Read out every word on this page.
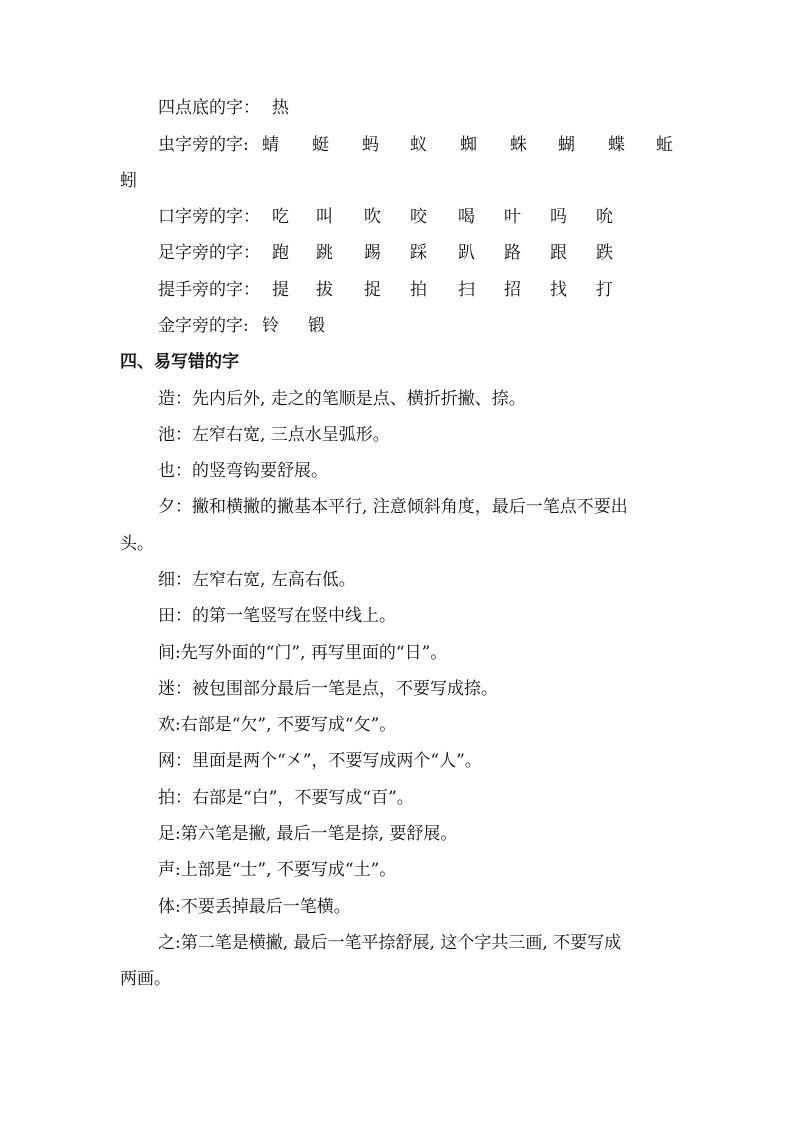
四点底的字： 热
虫字旁的字: 蜻 蜓 蚂 蚁 蜘 蛛 蝴 蝶 蚯
蚓
口字旁的字： 吃 叫 吹 咬 喝 叶 吗 吮
足字旁的字： 跑 跳 踢 踩 趴 路 跟 跌
提手旁的字： 提 拔 捉 拍 扫 招 找 打
金字旁的字: 铃 锻
四、易写错的字
造：先内后外, 走之的笔顺是点、横折折撇、捺。
池：左窄右宽, 三点水呈弧形。
也：的竖弯钩要舒展。
夕：撇和横撇的撇基本平行, 注意倾斜角度，最后一笔点不要出
头。
细：左窄右宽, 左高右低。
田：的第一笔竖写在竖中线上。
间:先写外面的“门”, 再写里面的“日”。
迷：被包围部分最后一笔是点，不要写成捺。
欢:右部是“欠”, 不要写成“攵”。
网：里面是两个“㐅”，不要写成两个“人”。
拍：右部是“白”，不要写成“百”。
足:第六笔是撇, 最后一笔是捺, 要舒展。
声:上部是“士”, 不要写成“土”。
体:不要丢掉最后一笔横。
之:第二笔是横撇, 最后一笔平捺舒展, 这个字共三画, 不要写成
两画。
